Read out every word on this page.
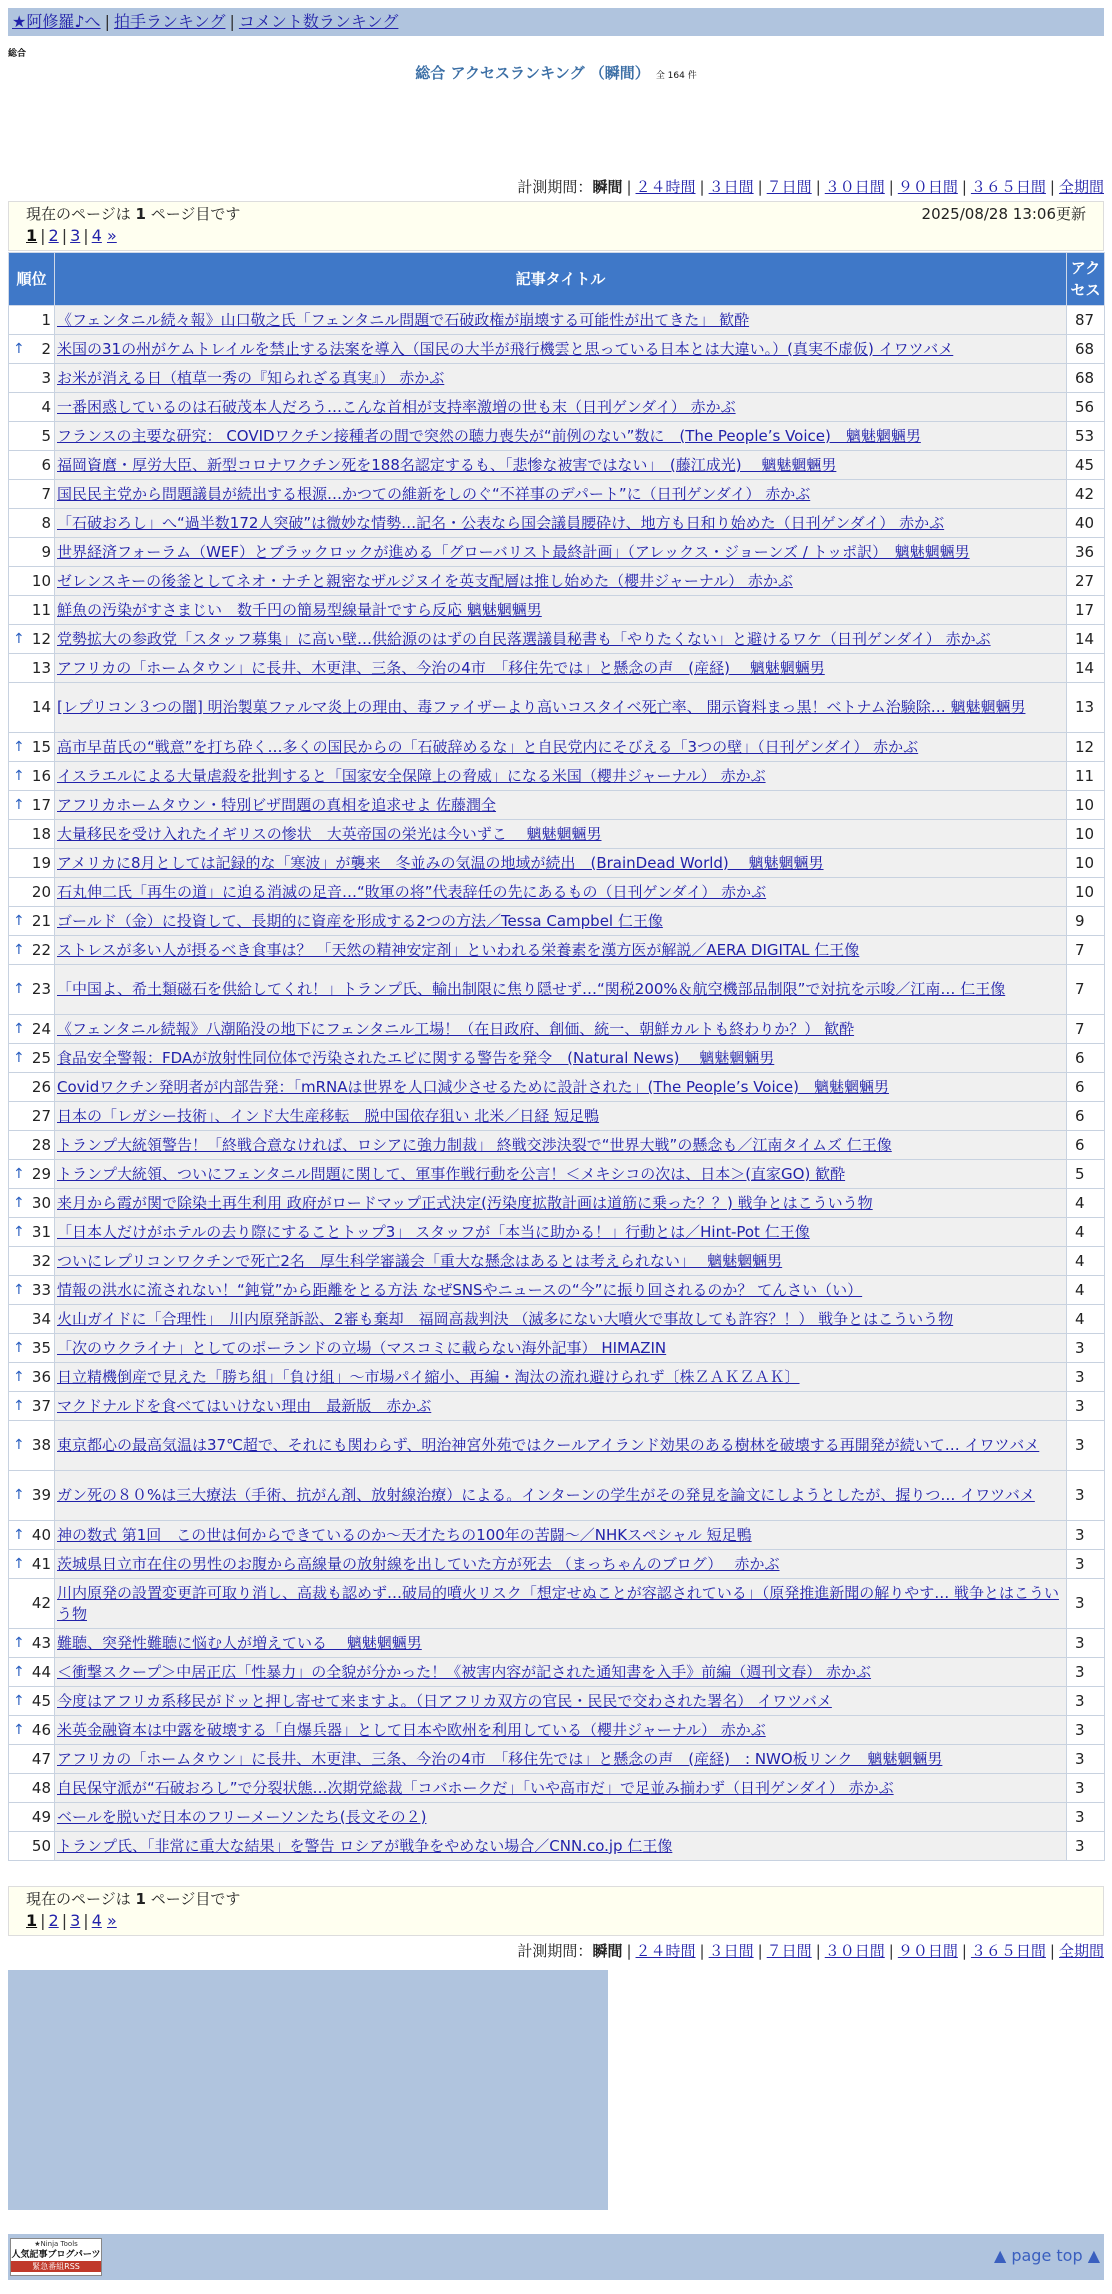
★阿修羅♪へ | 拍手ランキング | コメント数ランキング
総合
総合 アクセスランキング （瞬間） 全 164 件
計測期間：瞬間 | ２４時間 | ３日間 | ７日間 | ３０日間 | ９０日間 | ３６５日間 | 全期間
現在のページは 1 ページ目です	2025/08/28 13:06更新
1 | 2 | 3 | 4 »
順位	記事タイトル	アクセス
1	《フェンタニル続々報》山口敬之氏「フェンタニル問題で石破政権が崩壊する可能性が出てきた」 歓酔	87

↑ 2	米国の31の州がケムトレイルを禁止する法案を導入（国民の大半が飛行機雲と思っている日本とは大違い。）(真実不虚仮) イワツバメ	68
3	お米が消える日（植草一秀の『知られざる真実』） 赤かぶ	68
4	一番困惑しているのは石破茂本人だろう…こんな首相が支持率激増の世も末（日刊ゲンダイ） 赤かぶ	56
5	フランスの主要な研究： COVIDワクチン接種者の間で突然の聴力喪失が“前例のない”数に　(The People’s Voice)　魑魅魍魎男	53
6	福岡資麿・厚労大臣、新型コロナワクチン死を188名認定するも、「悲惨な被害ではない」　(藤江成光)　 魑魅魍魎男	45
7	国民民主党から問題議員が続出する根源…かつての維新をしのぐ“不祥事のデパート”に（日刊ゲンダイ） 赤かぶ	42
8	「石破おろし」へ“過半数172人突破”は微妙な情勢…記名・公表なら国会議員腰砕け、地方も日和り始めた（日刊ゲンダイ） 赤かぶ	40
9	世界経済フォーラム（WEF）とブラックロックが進める「グローバリスト最終計画」（アレックス・ジョーンズ / トッポ訳）　魑魅魍魎男	36
10	ゼレンスキーの後釜としてネオ・ナチと親密なザルジヌイを英支配層は推し始めた（櫻井ジャーナル） 赤かぶ	27
11	鮮魚の汚染がすさまじい　数千円の簡易型線量計ですら反応 魑魅魍魎男	17

↑ 12	党勢拡大の参政党「スタッフ募集」に高い壁…供給源のはずの自民落選議員秘書も「やりたくない」と避けるワケ（日刊ゲンダイ） 赤かぶ	14
13	アフリカの「ホームタウン」に長井、木更津、三条、今治の4市　「移住先では」と懸念の声　(産経)　 魑魅魍魎男	14
14	[レプリコン３つの闇] 明治製菓ファルマ炎上の理由、毒ファイザーより高いコスタイベ死亡率、 開示資料まっ黒！ベトナム治験除… 魑魅魍魎男	13

↑ 15	高市早苗氏の“戦意”を打ち砕く…多くの国民からの「石破辞めるな」と自民党内にそびえる「3つの壁」（日刊ゲンダイ） 赤かぶ	12

↑ 16	イスラエルによる大量虐殺を批判すると「国家安全保障上の脅威」になる米国（櫻井ジャーナル） 赤かぶ	11

↑ 17	アフリカホームタウン・特別ビザ問題の真相を追求せよ 佐藤潤全	10
18	大量移民を受け入れたイギリスの惨状　大英帝国の栄光は今いずこ　 魑魅魍魎男	10
19	アメリカに8月としては記録的な「寒波」が襲来　冬並みの気温の地域が続出　(BrainDead World)　 魑魅魍魎男	10
20	石丸伸二氏「再生の道」に迫る消滅の足音…“敗軍の将”代表辞任の先にあるもの（日刊ゲンダイ） 赤かぶ	10

↑ 21	ゴールド（金）に投資して、長期的に資産を形成する2つの方法／Tessa Campbel 仁王像	9

↑ 22	ストレスが多い人が摂るべき食事は？ 「天然の精神安定剤」といわれる栄養素を漢方医が解説／AERA DIGITAL 仁王像	7

↑ 23	「中国よ、希土類磁石を供給してくれ！」トランプ氏、輸出制限に焦り隠せず…“関税200%＆航空機部品制限”で対抗を示唆／江南… 仁王像	7

↑ 24	《フェンタニル続報》八潮陥没の地下にフェンタニル工場！（在日政府、創価、統一、朝鮮カルトも終わりか？） 歓酔	7

↑ 25	食品安全警報：FDAが放射性同位体で汚染されたエビに関する警告を発令　(Natural News)　 魑魅魍魎男	6
26	Covidワクチン発明者が内部告発：「mRNAは世界を人口減少させるために設計された」(The People’s Voice)　魑魅魍魎男	6
27	日本の「レガシー技術」、インド大生産移転　脱中国依存狙い 北米／日経 短足鴨	6
28	トランプ大統領警告！「終戦合意なければ、ロシアに強力制裁」 終戦交渉決裂で“世界大戦”の懸念も／江南タイムズ 仁王像	6

↑ 29	トランプ大統領、ついにフェンタニル問題に関して、軍事作戦行動を公言！＜メキシコの次は、日本＞(直家GO) 歓酔	5

↑ 30	来月から霞が関で除染土再生利用 政府がロードマップ正式決定(汚染度拡散計画は道筋に乗った？？) 戦争とはこういう物	4

↑ 31	「日本人だけがホテルの去り際にすることトップ3」 スタッフが「本当に助かる！」行動とは／Hint-Pot 仁王像	4
32	ついにレプリコンワクチンで死亡2名　厚生科学審議会「重大な懸念はあるとは考えられない」　 魑魅魍魎男	4

↑ 33	情報の洪水に流されない！“鈍覚”から距離をとる方法 なぜSNSやニュースの“今”に振り回されるのか？ てんさい（い）	4
34	火山ガイドに「合理性」　川内原発訴訟、2審も棄却　福岡高裁判決 （滅多にない大噴火で事故しても許容？！） 戦争とはこういう物	4

↑ 35	「次のウクライナ」としてのポーランドの立場（マスコミに載らない海外記事） HIMAZIN	3

↑ 36	日立精機倒産で見えた「勝ち組」「負け組」～市場パイ縮小、再編・淘汰の流れ避けられず〔株ＺＡＫＺＡＫ〕	3

↑ 37	マクドナルドを食べてはいけない理由　最新版　赤かぶ	3

↑ 38	東京都心の最高気温は37℃超で、それにも関わらず、明治神宮外苑ではクールアイランド効果のある樹林を破壊する再開発が続いて… イワツバメ	3

↑ 39	ガン死の８０%は三大療法（手術、抗がん剤、放射線治療）による。インターンの学生がその発見を論文にしようとしたが、握りつ… イワツバメ	3

↑ 40	神の数式 第1回　この世は何からできているのか～天才たちの100年の苦闘～／NHKスペシャル 短足鴨	3

↑ 41	茨城県日立市在住の男性のお腹から高線量の放射線を出していた方が死去 （まっちゃんのブログ）　 赤かぶ	3
42	川内原発の設置変更許可取り消し、高裁も認めず…破局的噴火リスク「想定せぬことが容認されている」（原発推進新聞の解りやす… 戦争とはこういう物	3

↑ 43	難聴、突発性難聴に悩む人が増えている　 魑魅魍魎男	3

↑ 44	＜衝撃スクープ＞中居正広「性暴力」の全貌が分かった！《被害内容が記された通知書を入手》前編（週刊文春） 赤かぶ	3

↑ 45	今度はアフリカ系移民がドッと押し寄せて来ますよ。（日アフリカ双方の官民・民民で交わされた署名） イワツバメ	3

↑ 46	米英金融資本は中露を破壊する「自爆兵器」として日本や欧州を利用している（櫻井ジャーナル） 赤かぶ	3
47	アフリカの「ホームタウン」に長井、木更津、三条、今治の4市　「移住先では」と懸念の声　(産経)　: NWO板リンク　魑魅魍魎男	3
48	自民保守派が“石破おろし”で分裂状態…次期党総裁「コバホークだ」「いや高市だ」で足並み揃わず（日刊ゲンダイ） 赤かぶ	3
49	ベールを脱いだ日本のフリーメーソンたち(長文その２)	3
50	トランプ氏、「非常に重大な結果」を警告 ロシアが戦争をやめない場合／CNN.co.jp 仁王像	3
現在のページは 1 ページ目です
1 | 2 | 3 | 4 »
計測期間：瞬間 | ２４時間 | ３日間 | ７日間 | ３０日間 | ９０日間 | ３６５日間 | 全期間
★Ninja Tools
人気記事ブログパーツ
緊急番組RSS
▲ page top ▲
